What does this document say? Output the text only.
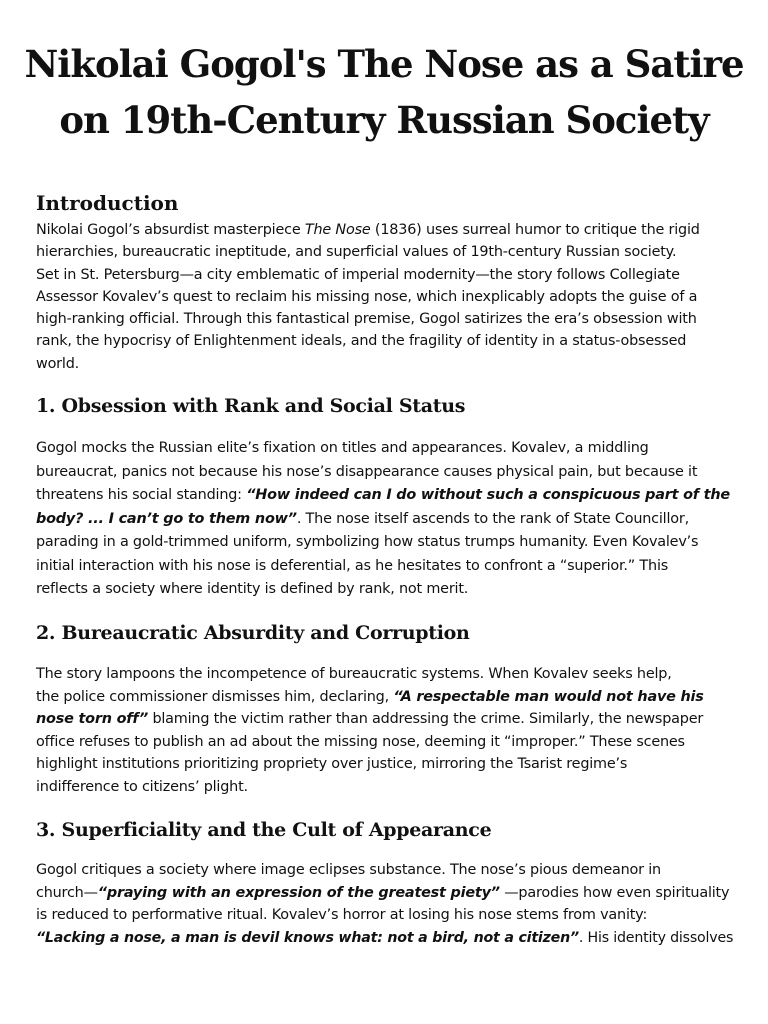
Nikolai Gogol's The Nose as a Satire
on 19th-Century Russian Society
Introduction
Nikolai Gogol’s absurdist masterpiece The Nose (1836) uses surreal humor to critique the rigid
hierarchies, bureaucratic ineptitude, and superficial values of 19th-century Russian society.
Set in St. Petersburg—a city emblematic of imperial modernity—the story follows Collegiate
Assessor Kovalev’s quest to reclaim his missing nose, which inexplicably adopts the guise of a
high-ranking official. Through this fantastical premise, Gogol satirizes the era’s obsession with
rank, the hypocrisy of Enlightenment ideals, and the fragility of identity in a status-obsessed
world.
1. Obsession with Rank and Social Status
Gogol mocks the Russian elite’s fixation on titles and appearances. Kovalev, a middling
bureaucrat, panics not because his nose’s disappearance causes physical pain, but because it
threatens his social standing: “How indeed can I do without such a conspicuous part of the
body? ... I can’t go to them now”. The nose itself ascends to the rank of State Councillor,
parading in a gold-trimmed uniform, symbolizing how status trumps humanity. Even Kovalev’s
initial interaction with his nose is deferential, as he hesitates to confront a “superior.” This
reflects a society where identity is defined by rank, not merit.
2. Bureaucratic Absurdity and Corruption
The story lampoons the incompetence of bureaucratic systems. When Kovalev seeks help,
the police commissioner dismisses him, declaring, “A respectable man would not have his
nose torn off” blaming the victim rather than addressing the crime. Similarly, the newspaper
office refuses to publish an ad about the missing nose, deeming it “improper.” These scenes
highlight institutions prioritizing propriety over justice, mirroring the Tsarist regime’s
indifference to citizens’ plight.
3. Superficiality and the Cult of Appearance
Gogol critiques a society where image eclipses substance. The nose’s pious demeanor in
church—“praying with an expression of the greatest piety” —parodies how even spirituality
is reduced to performative ritual. Kovalev’s horror at losing his nose stems from vanity:
“Lacking a nose, a man is devil knows what: not a bird, not a citizen”. His identity dissolves
